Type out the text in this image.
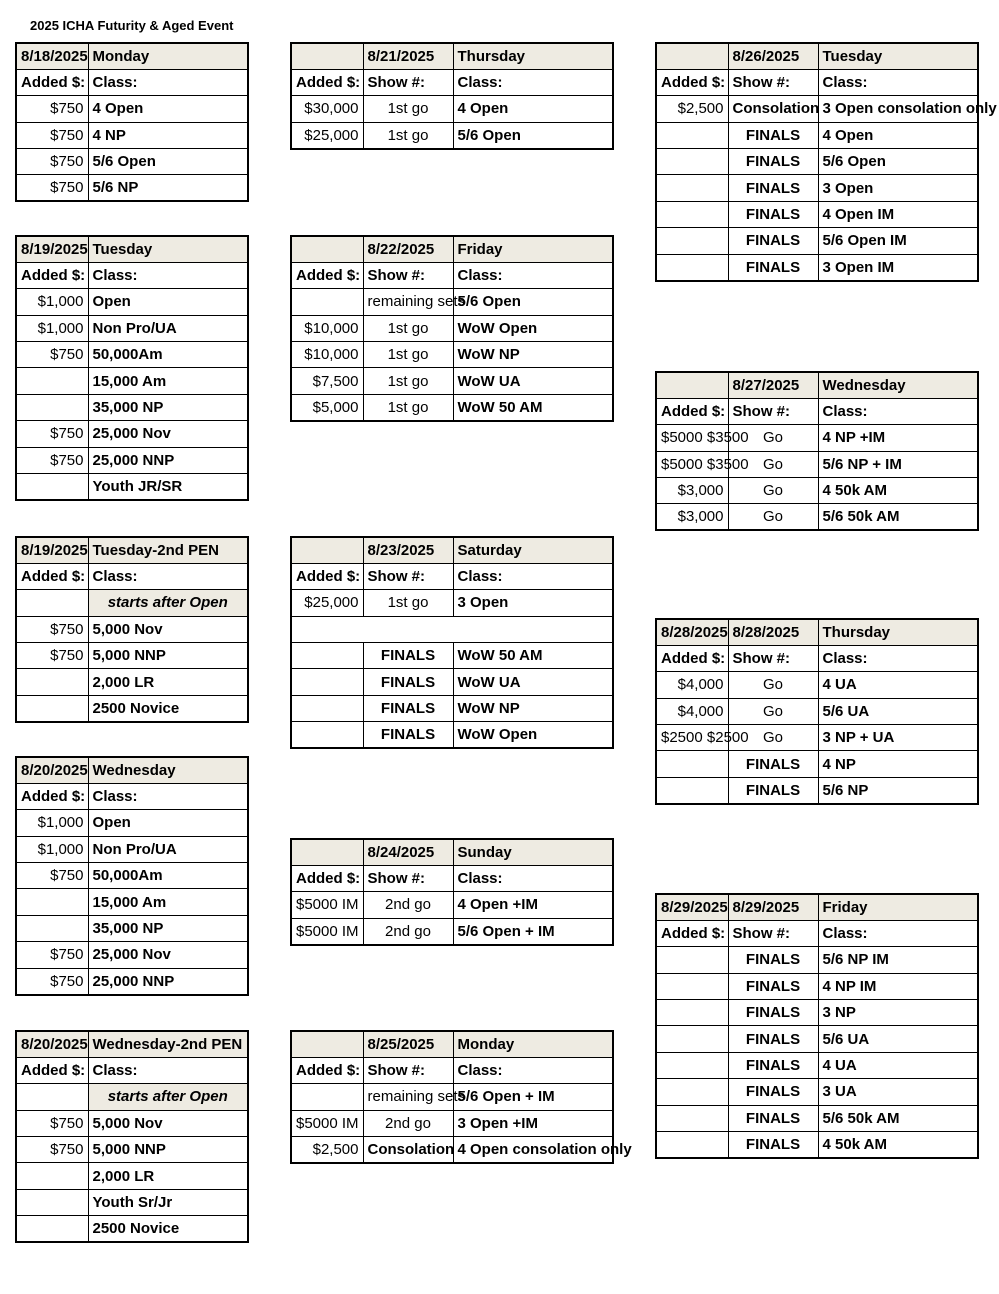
2025 ICHA Futurity & Aged Event
8/18/2025	Monday
Added $:	Class:
$750	4 Open
$750	4 NP
$750	5/6 Open
$750	5/6 NP
8/19/2025	Tuesday
Added $:	Class:
$1,000	Open
$1,000	Non Pro/UA
$750	50,000Am
	15,000 Am
	35,000 NP
$750	25,000 Nov
$750	25,000 NNP
	Youth JR/SR
8/19/2025	Tuesday-2nd PEN
Added $:	Class:
	starts after Open
$750	5,000 Nov
$750	5,000 NNP
	2,000 LR
	2500 Novice
8/20/2025	Wednesday
Added $:	Class:
$1,000	Open
$1,000	Non Pro/UA
$750	50,000Am
	15,000 Am
	35,000 NP
$750	25,000 Nov
$750	25,000 NNP
8/20/2025	Wednesday-2nd PEN
Added $:	Class:
	starts after Open
$750	5,000 Nov
$750	5,000 NNP
	2,000 LR
	Youth Sr/Jr
	2500 Novice
	8/21/2025	Thursday
Added $:	Show #:	Class:
$30,000	1st go	4 Open
$25,000	1st go	5/6 Open
	8/22/2025	Friday
Added $:	Show #:	Class:
	remaining sets	5/6 Open
$10,000	1st go	WoW Open
$10,000	1st go	WoW NP
$7,500	1st go	WoW UA
$5,000	1st go	WoW 50 AM
	8/23/2025	Saturday
Added $:	Show #:	Class:
$25,000	1st go	3 Open

	FINALS	WoW 50 AM
	FINALS	WoW UA
	FINALS	WoW NP
	FINALS	WoW Open
	8/24/2025	Sunday
Added $:	Show #:	Class:
$5000 IM	2nd go	4 Open +IM
$5000 IM	2nd go	5/6 Open + IM
	8/25/2025	Monday
Added $:	Show #:	Class:
	remaining sets	5/6 Open + IM
$5000 IM	2nd go	3 Open +IM
$2,500	Consolation	4 Open consolation only
	8/26/2025	Tuesday
Added $:	Show #:	Class:
$2,500	Consolation	3 Open consolation only
	FINALS	4 Open
	FINALS	5/6 Open
	FINALS	3 Open
	FINALS	4 Open IM
	FINALS	5/6 Open IM
	FINALS	3 Open IM
	8/27/2025	Wednesday
Added $:	Show #:	Class:
$5000 $3500	Go	4 NP +IM
$5000 $3500	Go	5/6 NP + IM
$3,000	Go	4 50k AM
$3,000	Go	5/6 50k AM
8/28/2025	8/28/2025	Thursday
Added $:	Show #:	Class:
$4,000	Go	4 UA
$4,000	Go	5/6 UA
$2500 $2500	Go	3 NP + UA
	FINALS	4 NP
	FINALS	5/6 NP
8/29/2025	8/29/2025	Friday
Added $:	Show #:	Class:
	FINALS	5/6 NP IM
	FINALS	4 NP IM
	FINALS	3 NP
	FINALS	5/6 UA
	FINALS	4 UA
	FINALS	3 UA
	FINALS	5/6 50k AM
	FINALS	4 50k AM
